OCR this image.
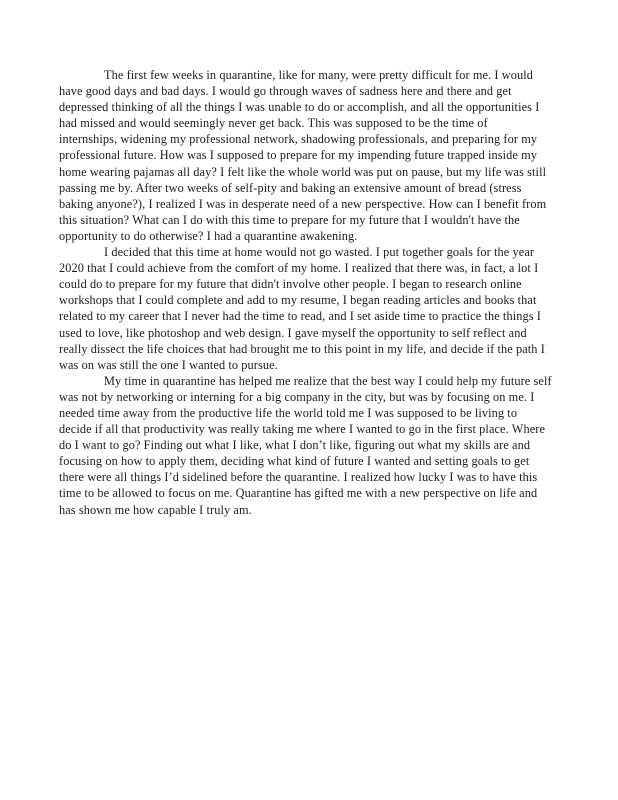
The first few weeks in quarantine, like for many, were pretty difficult for me. I would
have good days and bad days. I would go through waves of sadness here and there and get
depressed thinking of all the things I was unable to do or accomplish, and all the opportunities I
had missed and would seemingly never get back. This was supposed to be the time of
internships, widening my professional network, shadowing professionals, and preparing for my
professional future. How was I supposed to prepare for my impending future trapped inside my
home wearing pajamas all day? I felt like the whole world was put on pause, but my life was still
passing me by. After two weeks of self-pity and baking an extensive amount of bread (stress
baking anyone?), I realized I was in desperate need of a new perspective. How can I benefit from
this situation? What can I do with this time to prepare for my future that I wouldn't have the
opportunity to do otherwise? I had a quarantine awakening.
I decided that this time at home would not go wasted. I put together goals for the year
2020 that I could achieve from the comfort of my home. I realized that there was, in fact, a lot I
could do to prepare for my future that didn't involve other people. I began to research online
workshops that I could complete and add to my resume, I began reading articles and books that
related to my career that I never had the time to read, and I set aside time to practice the things I
used to love, like photoshop and web design. I gave myself the opportunity to self reflect and
really dissect the life choices that had brought me to this point in my life, and decide if the path I
was on was still the one I wanted to pursue.
My time in quarantine has helped me realize that the best way I could help my future self
was not by networking or interning for a big company in the city, but was by focusing on me. I
needed time away from the productive life the world told me I was supposed to be living to
decide if all that productivity was really taking me where I wanted to go in the first place. Where
do I want to go? Finding out what I like, what I don’t like, figuring out what my skills are and
focusing on how to apply them, deciding what kind of future I wanted and setting goals to get
there were all things I’d sidelined before the quarantine. I realized how lucky I was to have this
time to be allowed to focus on me. Quarantine has gifted me with a new perspective on life and
has shown me how capable I truly am.
